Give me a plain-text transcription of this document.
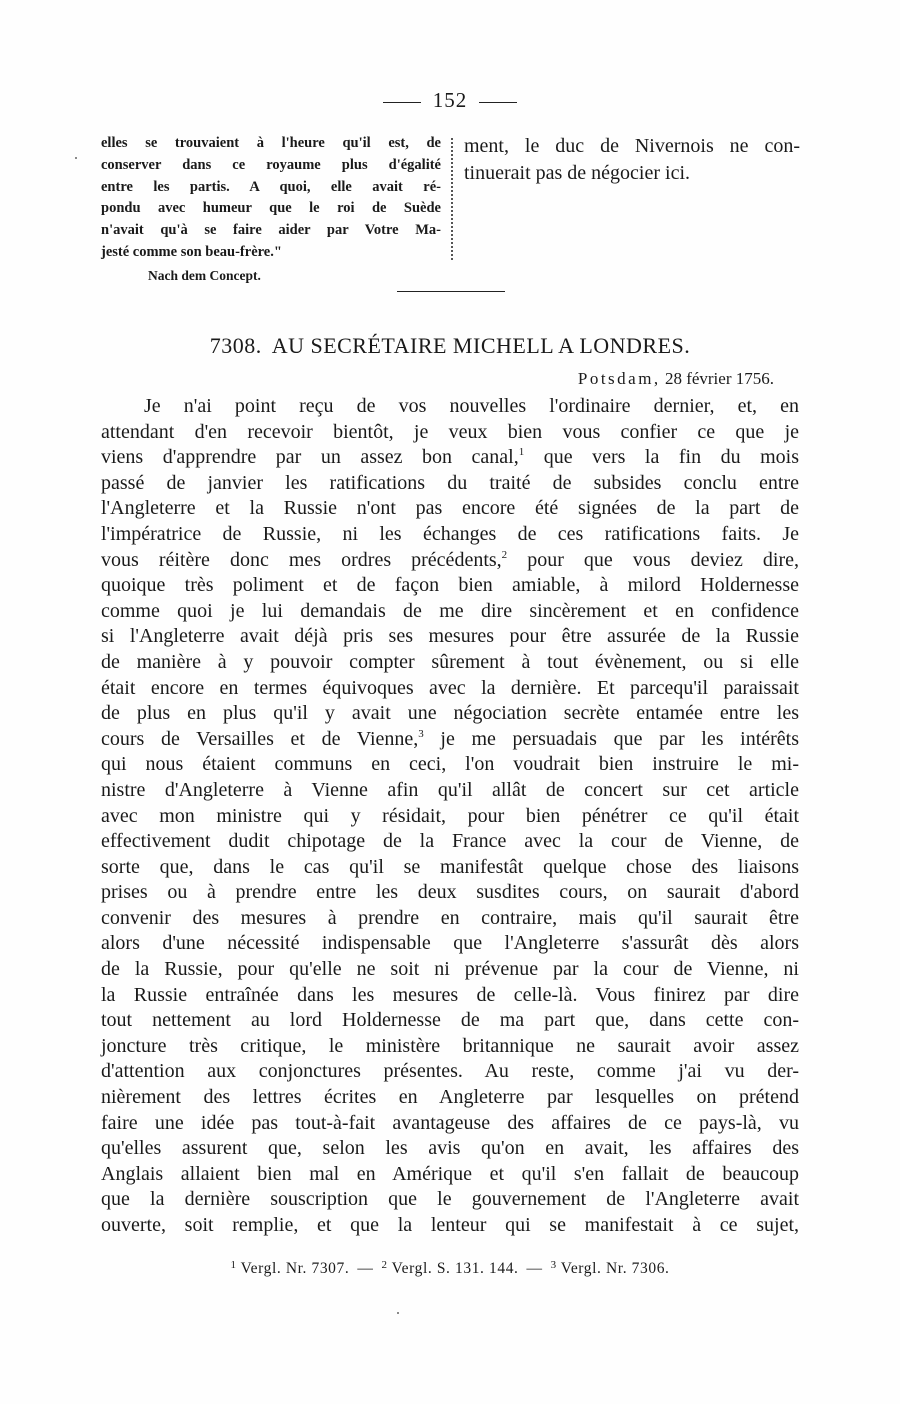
152
elles se trouvaient à l'heure qu'il est, de
conserver dans ce royaume plus d'égalité
entre les partis. A quoi, elle avait ré-
pondu avec humeur que le roi de Suède
n'avait qu'à se faire aider par Votre Ma-
jesté comme son beau-frère."
ment, le duc de Nivernois ne con-
tinuerait pas de négocier ici.
Nach dem Concept.
7308. AU SECRÉTAIRE MICHELL A LONDRES.
Potsdam, 28 février 1756.
Je n'ai point reçu de vos nouvelles l'ordinaire dernier, et, en
attendant d'en recevoir bientôt, je veux bien vous confier ce que je
viens d'apprendre par un assez bon canal,$^1$ que vers la fin du mois
passé de janvier les ratifications du traité de subsides conclu entre
l'Angleterre et la Russie n'ont pas encore été signées de la part de
l'impératrice de Russie, ni les échanges de ces ratifications faits. Je
vous réitère donc mes ordres précédents,$^2$ pour que vous deviez dire,
quoique très poliment et de façon bien amiable, à milord Holdernesse
comme quoi je lui demandais de me dire sincèrement et en confidence
si l'Angleterre avait déjà pris ses mesures pour être assurée de la Russie
de manière à y pouvoir compter sûrement à tout évènement, ou si elle
était encore en termes équivoques avec la dernière. Et parcequ'il paraissait
de plus en plus qu'il y avait une négociation secrète entamée entre les
cours de Versailles et de Vienne,$^3$ je me persuadais que par les intérêts
qui nous étaient communs en ceci, l'on voudrait bien instruire le mi-
nistre d'Angleterre à Vienne afin qu'il allât de concert sur cet article
avec mon ministre qui y résidait, pour bien pénétrer ce qu'il était
effectivement dudit chipotage de la France avec la cour de Vienne, de
sorte que, dans le cas qu'il se manifestât quelque chose des liaisons
prises ou à prendre entre les deux susdites cours, on saurait d'abord
convenir des mesures à prendre en contraire, mais qu'il saurait être
alors d'une nécessité indispensable que l'Angleterre s'assurât dès alors
de la Russie, pour qu'elle ne soit ni prévenue par la cour de Vienne, ni
la Russie entraînée dans les mesures de celle-là. Vous finirez par dire
tout nettement au lord Holdernesse de ma part que, dans cette con-
joncture très critique, le ministère britannique ne saurait avoir assez
d'attention aux conjonctures présentes. Au reste, comme j'ai vu der-
nièrement des lettres écrites en Angleterre par lesquelles on prétend
faire une idée pas tout-à-fait avantageuse des affaires de ce pays-là, vu
qu'elles assurent que, selon les avis qu'on en avait, les affaires des
Anglais allaient bien mal en Amérique et qu'il s'en fallait de beaucoup
que la dernière souscription que le gouvernement de l'Angleterre avait
ouverte, soit remplie, et que la lenteur qui se manifestait à ce sujet,
$^1$ Vergl. Nr. 7307. — $^2$ Vergl. S. 131. 144. — $^3$ Vergl. Nr. 7306.
